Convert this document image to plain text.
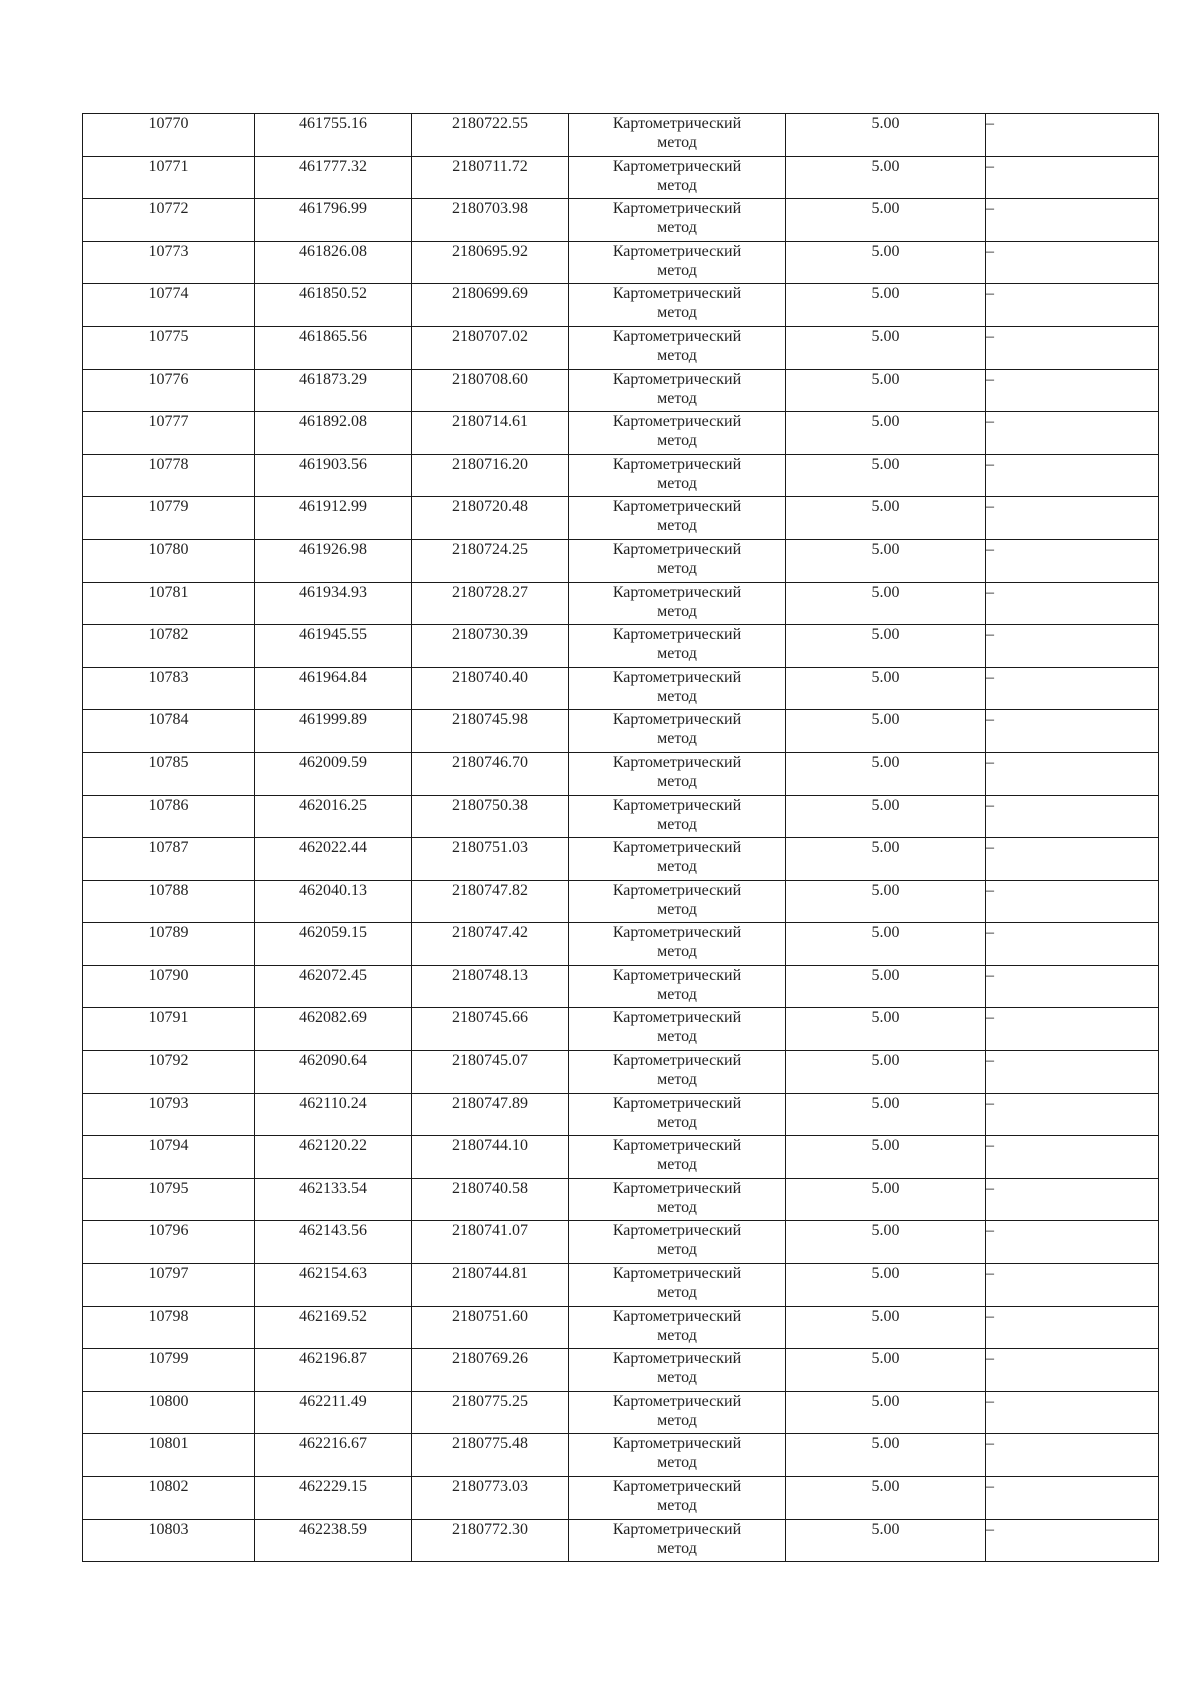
10770	461755.16	2180722.55	Картометрический метод	5.00	–
10771	461777.32	2180711.72	Картометрический метод	5.00	–
10772	461796.99	2180703.98	Картометрический метод	5.00	–
10773	461826.08	2180695.92	Картометрический метод	5.00	–
10774	461850.52	2180699.69	Картометрический метод	5.00	–
10775	461865.56	2180707.02	Картометрический метод	5.00	–
10776	461873.29	2180708.60	Картометрический метод	5.00	–
10777	461892.08	2180714.61	Картометрический метод	5.00	–
10778	461903.56	2180716.20	Картометрический метод	5.00	–
10779	461912.99	2180720.48	Картометрический метод	5.00	–
10780	461926.98	2180724.25	Картометрический метод	5.00	–
10781	461934.93	2180728.27	Картометрический метод	5.00	–
10782	461945.55	2180730.39	Картометрический метод	5.00	–
10783	461964.84	2180740.40	Картометрический метод	5.00	–
10784	461999.89	2180745.98	Картометрический метод	5.00	–
10785	462009.59	2180746.70	Картометрический метод	5.00	–
10786	462016.25	2180750.38	Картометрический метод	5.00	–
10787	462022.44	2180751.03	Картометрический метод	5.00	–
10788	462040.13	2180747.82	Картометрический метод	5.00	–
10789	462059.15	2180747.42	Картометрический метод	5.00	–
10790	462072.45	2180748.13	Картометрический метод	5.00	–
10791	462082.69	2180745.66	Картометрический метод	5.00	–
10792	462090.64	2180745.07	Картометрический метод	5.00	–
10793	462110.24	2180747.89	Картометрический метод	5.00	–
10794	462120.22	2180744.10	Картометрический метод	5.00	–
10795	462133.54	2180740.58	Картометрический метод	5.00	–
10796	462143.56	2180741.07	Картометрический метод	5.00	–
10797	462154.63	2180744.81	Картометрический метод	5.00	–
10798	462169.52	2180751.60	Картометрический метод	5.00	–
10799	462196.87	2180769.26	Картометрический метод	5.00	–
10800	462211.49	2180775.25	Картометрический метод	5.00	–
10801	462216.67	2180775.48	Картометрический метод	5.00	–
10802	462229.15	2180773.03	Картометрический метод	5.00	–
10803	462238.59	2180772.30	Картометрический метод	5.00	–
